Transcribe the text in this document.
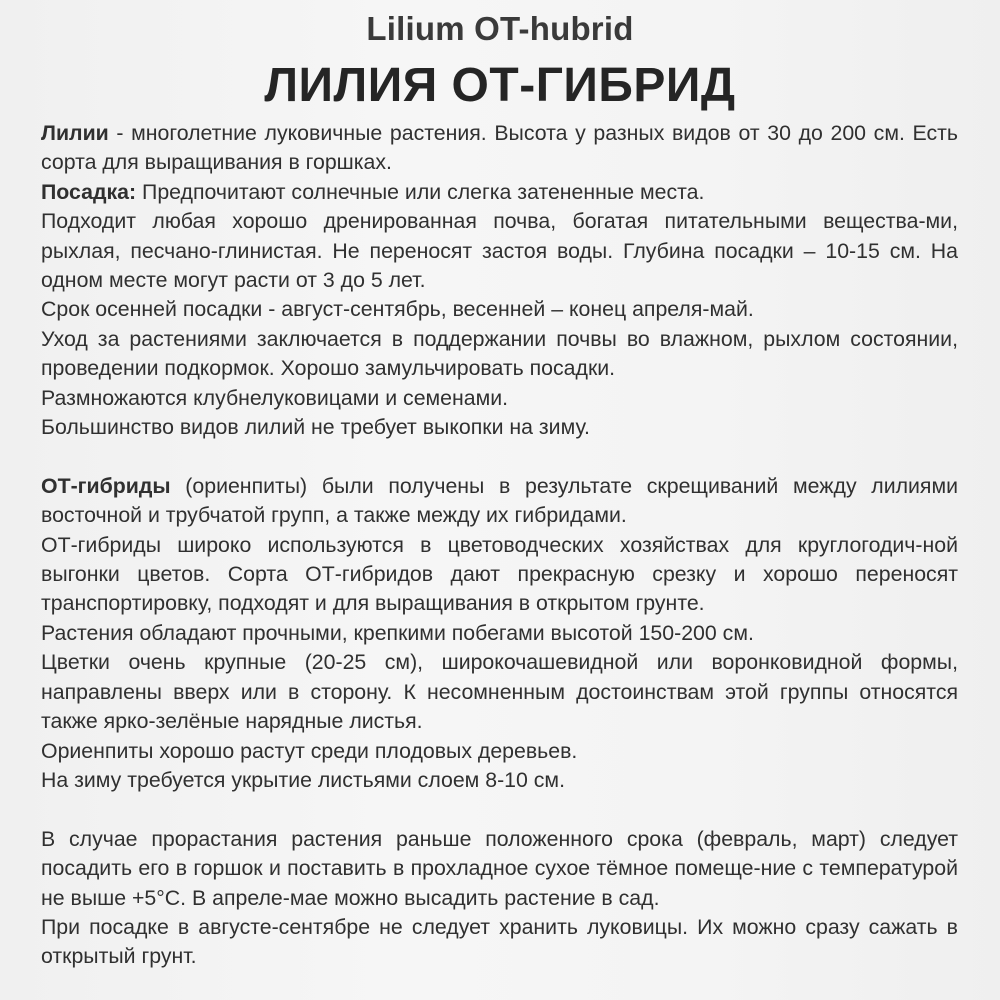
Lilium OT-hubrid
ЛИЛИЯ ОТ-ГИБРИД

Лилии - многолетние луковичные растения. Высота у разных видов от 30 до 200 см. Есть сорта для выращивания в горшках.

Посадка: Предпочитают солнечные или слегка затененные места.

Подходит любая хорошо дренированная почва, богатая питательными вещества-ми, рыхлая, песчано-глинистая. Не переносят застоя воды. Глубина посадки – 10-15 см. На одном месте могут расти от 3 до 5 лет.

Срок осенней посадки - август-сентябрь, весенней – конец апреля-май.

Уход за растениями заключается в поддержании почвы во влажном, рыхлом состоянии, проведении подкормок. Хорошо замульчировать посадки.

Размножаются клубнелуковицами и семенами.

Большинство видов лилий не требует выкопки на зиму.

ОТ-гибриды (ориенпиты) были получены в результате скрещиваний между лилиями восточной и трубчатой групп, а также между их гибридами.

ОТ-гибриды широко используются в цветоводческих хозяйствах для круглогодич-ной выгонки цветов. Сорта ОТ-гибридов дают прекрасную срезку и хорошо переносят транспортировку, подходят и для выращивания в открытом грунте.

Растения обладают прочными, крепкими побегами высотой 150-200 см.

Цветки очень крупные (20-25 см), широкочашевидной или воронковидной формы, направлены вверх или в сторону. К несомненным достоинствам этой группы относятся также ярко-зелёные нарядные листья.

Ориенпиты хорошо растут среди плодовых деревьев.

На зиму требуется укрытие листьями слоем 8-10 см.

В случае прорастания растения раньше положенного срока (февраль, март) следует посадить его в горшок и поставить в прохладное сухое тёмное помеще-ние с температурой не выше +5°С. В апреле-мае можно высадить растение в сад.

При посадке в августе-сентябре не следует хранить луковицы. Их можно сразу сажать в открытый грунт.
